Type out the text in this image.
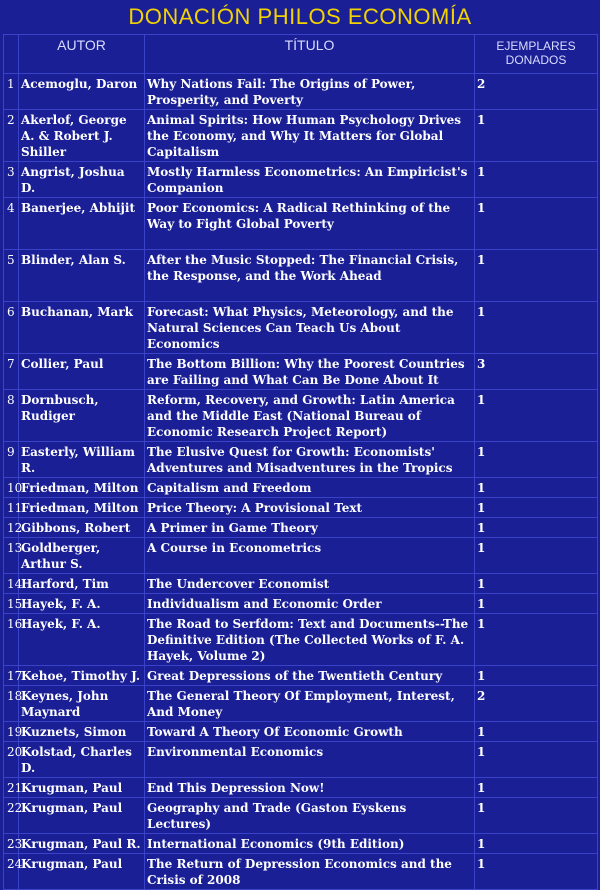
DONACIÓN PHILOS ECONOMÍA
	AUTOR	TÍTULO	EJEMPLARES
DONADOS
1	Acemoglu, Daron	Why Nations Fail: The Origins of Power, Prosperity, and Poverty	2
2	Akerlof, George A. & Robert J. Shiller	Animal Spirits: How Human Psychology Drives the Economy, and Why It Matters for Global Capitalism	1
3	Angrist, Joshua D.	Mostly Harmless Econometrics: An Empiricist's Companion	1
4	Banerjee, Abhijit	Poor Economics: A Radical Rethinking of the Way to Fight Global Poverty	1
5	Blinder, Alan S.	After the Music Stopped: The Financial Crisis, the Response, and the Work Ahead	1
6	Buchanan, Mark	Forecast: What Physics, Meteorology, and the Natural Sciences Can Teach Us About Economics	1
7	Collier, Paul	The Bottom Billion: Why the Poorest Countries are Failing and What Can Be Done About It	3
8	Dornbusch, Rudiger	Reform, Recovery, and Growth: Latin America and the Middle East (National Bureau of Economic Research Project Report)	1
9	Easterly, William R.	The Elusive Quest for Growth: Economists' Adventures and Misadventures in the Tropics	1
10	Friedman, Milton	Capitalism and Freedom	1
11	Friedman, Milton	Price Theory: A Provisional Text	1
12	Gibbons, Robert	A Primer in Game Theory	1
13	Goldberger, Arthur S.	A Course in Econometrics	1
14	Harford, Tim	The Undercover Economist	1
15	Hayek, F. A.	Individualism and Economic Order	1
16	Hayek, F. A.	The Road to Serfdom: Text and Documents--The Definitive Edition (The Collected Works of F. A. Hayek, Volume 2)	1
17	Kehoe, Timothy J.	Great Depressions of the Twentieth Century	1
18	Keynes, John Maynard	The General Theory Of Employment, Interest, And Money	2
19	Kuznets, Simon	Toward A Theory Of Economic Growth	1
20	Kolstad, Charles D.	Environmental Economics	1
21	Krugman, Paul	End This Depression Now!	1
22	Krugman, Paul	Geography and Trade (Gaston Eyskens Lectures)	1
23	Krugman, Paul R.	International Economics (9th Edition)	1
24	Krugman, Paul	The Return of Depression Economics and the Crisis of 2008	1
